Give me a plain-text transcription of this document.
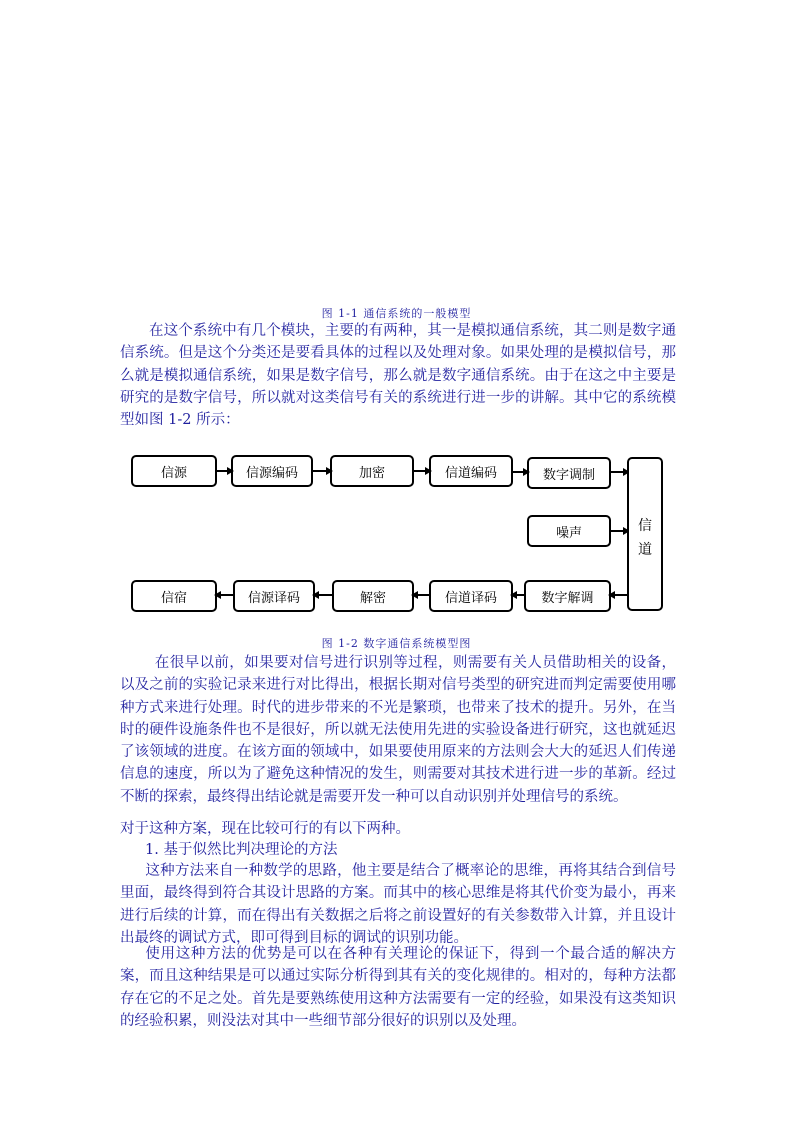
图 1-1 通信系统的一般模型

在这个系统中有几个模块，主要的有两种，其一是模拟通信系统，其二则是数字通信系统。但是这个分类还是要看具体的过程以及处理对象。如果处理的是模拟信号，那么就是模拟通信系统，如果是数字信号，那么就是数字通信系统。由于在这之中主要是研究的是数字信号，所以就对这类信号有关的系统进行进一步的讲解。其中它的系统模型如图 1-2 所示：

信源	信源编码	加密	信道编码	数字调制
噪声	信
道
信宿	信源译码	解密	信道译码	数字解调
图 1-2 数字通信系统模型图

在很早以前，如果要对信号进行识别等过程，则需要有关人员借助相关的设备，以及之前的实验记录来进行对比得出，根据长期对信号类型的研究进而判定需要使用哪种方式来进行处理。时代的进步带来的不光是繁琐，也带来了技术的提升。另外，在当时的硬件设施条件也不是很好，所以就无法使用先进的实验设备进行研究，这也就延迟了该领域的进度。在该方面的领域中，如果要使用原来的方法则会大大的延迟人们传递信息的速度，所以为了避免这种情况的发生，则需要对其技术进行进一步的革新。经过不断的探索，最终得出结论就是需要开发一种可以自动识别并处理信号的系统。

对于这种方案，现在比较可行的有以下两种。

1. 基于似然比判决理论的方法

这种方法来自一种数学的思路，他主要是结合了概率论的思维，再将其结合到信号里面，最终得到符合其设计思路的方案。而其中的核心思维是将其代价变为最小，再来进行后续的计算，而在得出有关数据之后将之前设置好的有关参数带入计算，并且设计出最终的调试方式，即可得到目标的调试的识别功能。

使用这种方法的优势是可以在各种有关理论的保证下，得到一个最合适的解决方案，而且这种结果是可以通过实际分析得到其有关的变化规律的。相对的，每种方法都存在它的不足之处。首先是要熟练使用这种方法需要有一定的经验，如果没有这类知识的经验积累，则没法对其中一些细节部分很好的识别以及处理。
